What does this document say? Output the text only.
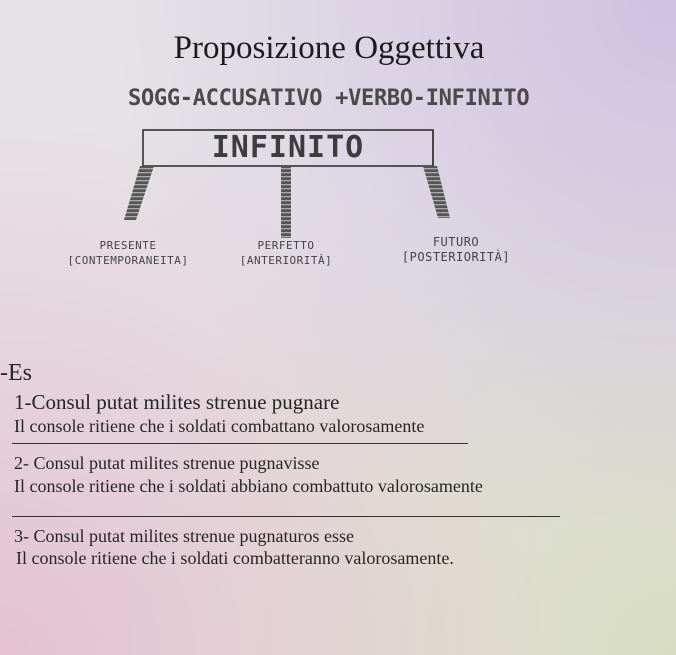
Proposizione Oggettiva
SOGG-ACCUSATIVO +VERBO-INFINITO
INFINITO
PRESENTE
[CONTEMPORANEITA]
PERFETTO
[ANTERIORITÀ]
FUTURO
[POSTERIORITÀ]
-Es
1-Consul putat milites strenue pugnare
Il console ritiene che i soldati combattano valorosamente
2- Consul putat milites strenue pugnavisse
Il console ritiene che i soldati abbiano combattuto valorosamente
3- Consul putat milites strenue pugnaturos esse
Il console ritiene che i soldati combatteranno valorosamente.
